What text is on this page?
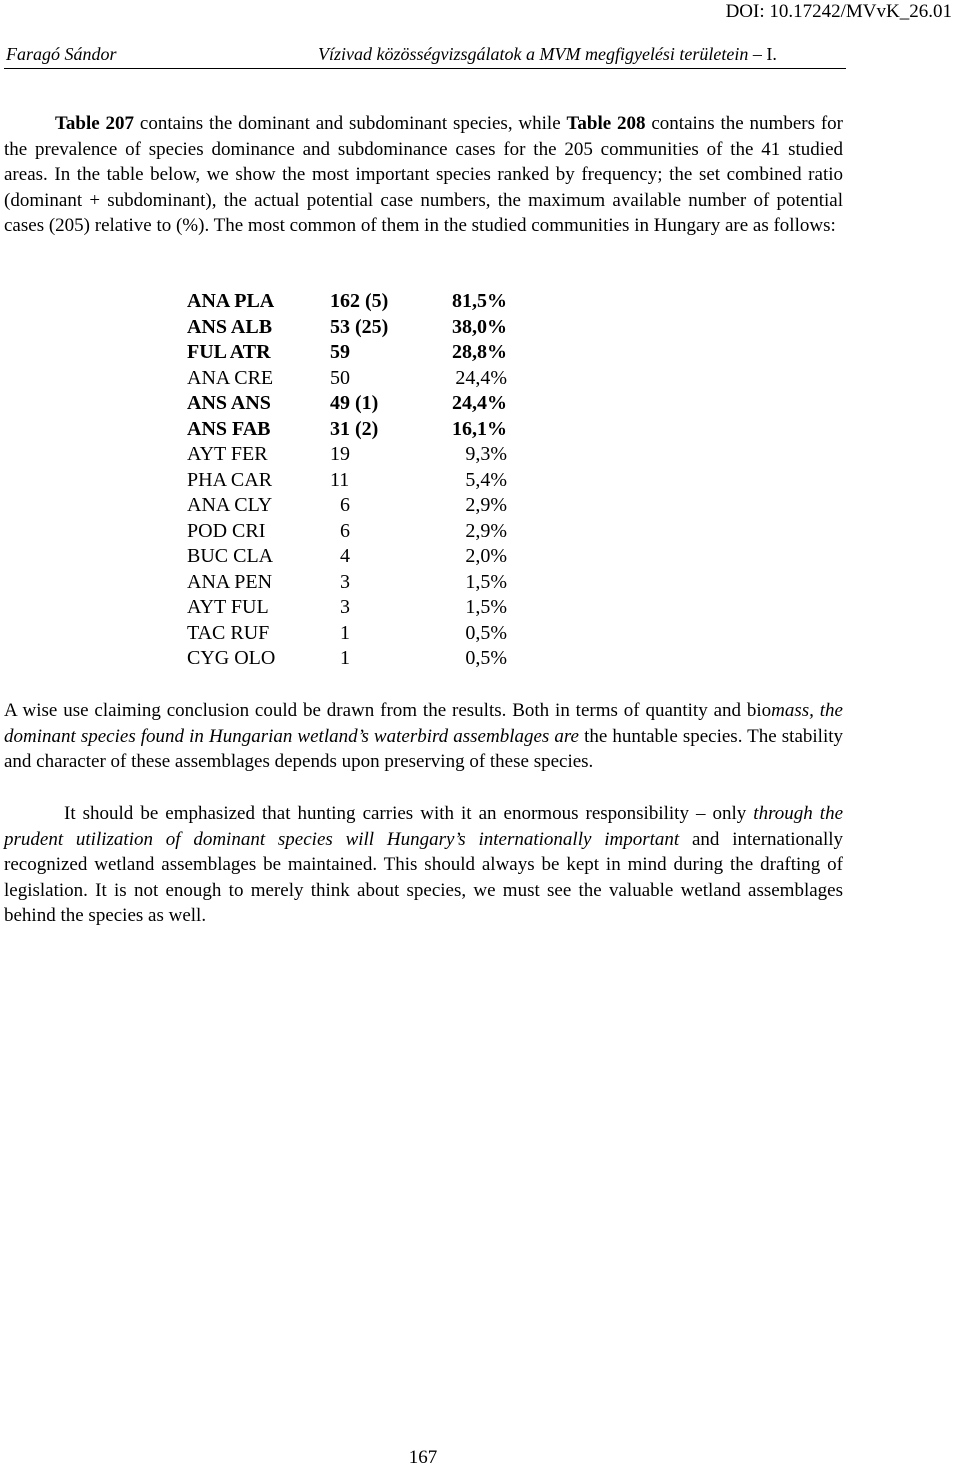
DOI: 10.17242/MVvK_26.01
Faragó Sándor	Vízivad közösségvizsgálatok a MVM megfigyelési területein – I.

Table 207 contains the dominant and subdominant species, while Table 208 contains the numbers for the prevalence of species dominance and subdominance cases for the 205 communities of the 41 studied areas. In the table below, we show the most important species ranked by frequency; the set combined ratio (dominant + subdominant), the actual potential case numbers, the maximum available number of potential cases (205) relative to (%). The most common of them in the studied communities in Hungary are as follows:

ANA PLA	162 (5)	81,5%
ANS ALB	53 (25)	38,0%
FUL ATR	59	28,8%
ANA CRE	50	24,4%
ANS ANS	49 (1)	24,4%
ANS FAB	31 (2)	16,1%
AYT FER	19	9,3%
PHA CAR	11	5,4%
ANA CLY	6	2,9%
POD CRI	6	2,9%
BUC CLA	4	2,0%
ANA PEN	3	1,5%
AYT FUL	3	1,5%
TAC RUF	1	0,5%
CYG OLO	1	0,5%

A wise use claiming conclusion could be drawn from the results. Both in terms of quantity and biomass, the dominant species found in Hungarian wetland’s waterbird assemblages are the huntable species. The stability and character of these assemblages depends upon preserving of these species.

It should be emphasized that hunting carries with it an enormous responsibility – only through the prudent utilization of dominant species will Hungary’s internationally important and internationally recognized wetland assemblages be maintained. This should always be kept in mind during the drafting of legislation. It is not enough to merely think about species, we must see the valuable wetland assemblages behind the species as well.

167
